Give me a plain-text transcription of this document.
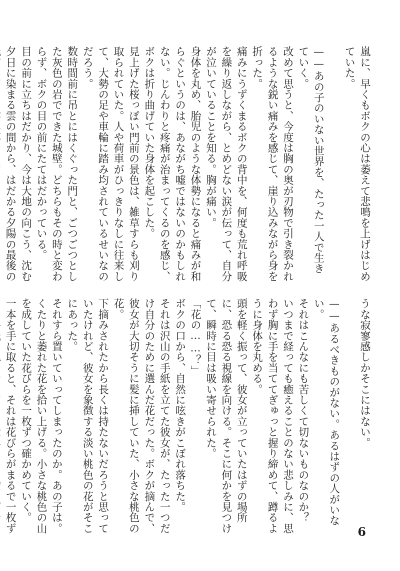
嵐に、早くもボクの心は萎えて悲鳴を上げはじめていた。
——あの子のいない世界を、たった一人で生きていく。
改めて思うと、今度は胸の奥が刃物で引き裂かれるような鋭い痛みを感じて、崖り込みながら身を折った。
痛みにうずくまるボクの背中を、何度も荒れ呼吸を繰り返しながら、とめどない涙が伝って、自分が泣いていることを知る。胸が痛い。
身体を丸め、胎児のような体勢になると痛みが和らぐというのは、あながち嘘ではないのかもしれない。じんわりと疼痛が治まってくるのを感じ、ボクは折り曲げていた身体を起こした。
見上げた桜っぽい門前の景色は、雑草すらも刈り取られていた。人や荷車がひっきりなしに往来して、大勢の足や車輪に踏み均されているせいなのだろう。
数時間前に吊とにはくぐった門と、ごつごつとした灰色の岩でできた城壁。どちらもその時と変わらず、ボクの目の前にたてはだかっている。
目の前に立ちはだかり、今は大地の向こう、沈む夕日に染まる雲の間から、はだかる夕陽の最後の
うな寂寥感しかそこにはない。
——あるべきものがない。あるはずの人がいない。
それはこんなにも苦しくて切ないものなのか？
いつまで経っても癒えることのない悲しみに、思わず胸に手を当ててぎゅっと握り締めて、蹲るように身体を丸める。
頭を軽く振って、彼女が立っていたはずの場所に、恐る恐る視線を向ける。そこに何かを見つけて、瞬時に目は吸い寄せられた。
「花の……？」
ボクの口から、自然に呟きがこぼれ落ちた。
それは沢山の手紙を立てた彼女が、たった一つだけ自分のために選んだ花だった。ボクが摘んで、彼女が大切そうに髪に挿していた、小さな桃色の花。
下摘みされたから長くは持たないだろうと思っていたけれど、彼女を象徴する淡い桃色の花がそこにあった。
それすら置いていってしまったのか。あの子は。
くたりと萎れた花を拾い上げる。小さな桃色の山を成していた花びらを一枚ずつ確かめていく。
一本を手に取ると、それは花びらがまるで一枚ず	6
